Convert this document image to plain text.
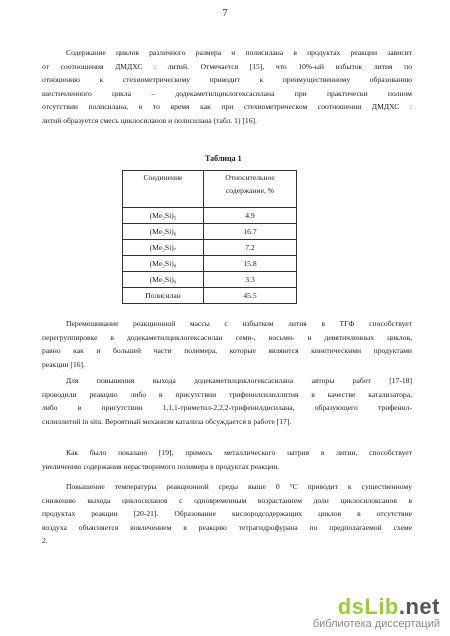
7

Содержание циклов различного размера и полисилана в продуктах реакции зависит
от соотношения ДМДХС : литий. Отмечается [15], что 10%-ый избыток лития по
отношению к стехиометрическому приводит к преимущественному образованию
шестичленного цикла – додекаметилциклогексасилана при практически полном
отсутствии полисилана, в то время как при стехиометрическом соотношении ДМДХС :
литий образуется смесь циклосиланов и полисилана (табл. 1) [16].

Таблица 1
Соединение	Относительное
содержание, %
(Me₂Si)₅	4.9
(Me₂Si)₆	16.7
(Me₂Si)₇	7.2
(Me₂Si)₈	15.8
(Me₂Si)₉	3.3
Полисилан	45.5

Перемешивание реакционной массы с избытком лития в ТГФ способствует
перегруппировке в додекаметилциклогексасилан семи-, восьми- и девятичленных циклов,
равно как и большей части полимера, которые являются кинетическими продуктами
реакции [16].

Для повышения выхода додекаметилциклогексасилана авторы работ [17-18]
проводили реакцию либо в присутствии трифенилсилиллития в качестве катализатора,
либо в присутствии 1,1,1-триметил-2,2,2-трифенилдисилана, образующего трифенил-
силиллитий in situ. Вероятный механизм катализа обсуждается в работе [17].

Как было показано [19], примесь металлического натрия в литии, способствует
увеличению содержания нерастворимого полимера в продуктах реакции.

Повышение температуры реакционной среды выше 0 °С приводит к существенному
снижению выхода циклосиланов с одновременным возрастанием доли циклосилоксанов в
продуктах реакции [20-21]. Образование кислородсодержащих циклов в отсутствие
воздуха объясняется вовлечением в реакцию тетрагидрофурана по предполагаемой схеме
2.

dsLib.net
библиотека диссертаций
